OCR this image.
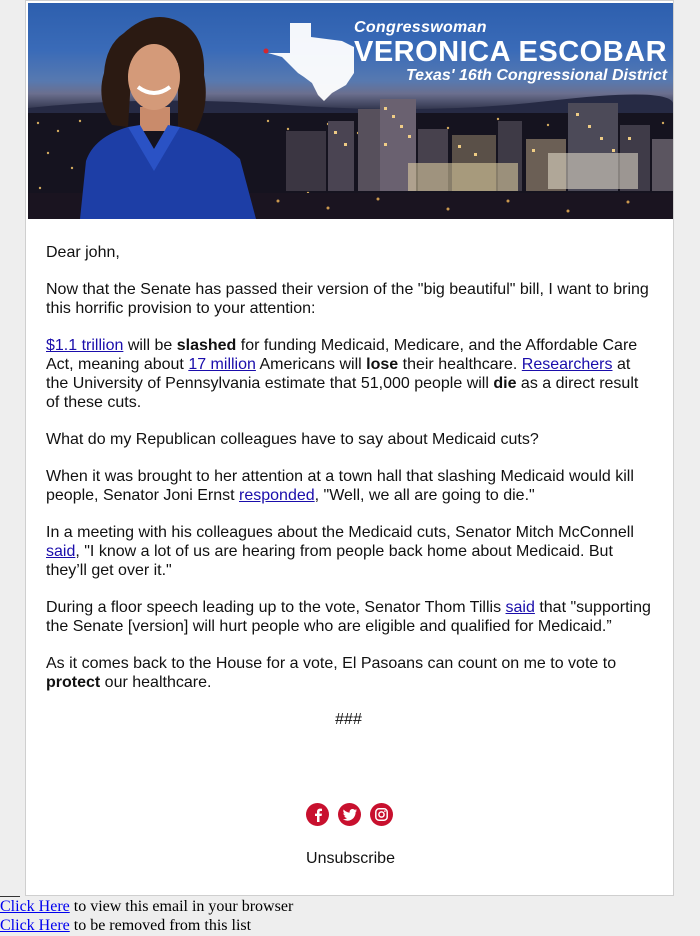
Congresswoman
VERONICA ESCOBAR
Texas' 16th Congressional District

Dear john,

Now that the Senate has passed their version of the "big beautiful" bill, I want to bring this horrific provision to your attention:

$1.1 trillion will be slashed for funding Medicaid, Medicare, and the Affordable Care Act, meaning about 17 million Americans will lose their healthcare. Researchers at the University of Pennsylvania estimate that 51,000 people will die as a direct result of these cuts.

What do my Republican colleagues have to say about Medicaid cuts?

When it was brought to her attention at a town hall that slashing Medicaid would kill people, Senator Joni Ernst responded, "Well, we all are going to die."

In a meeting with his colleagues about the Medicaid cuts, Senator Mitch McConnell said, "I know a lot of us are hearing from people back home about Medicaid. But they’ll get over it."

During a floor speech leading up to the vote, Senator Thom Tillis said that "supporting the Senate [version] will hurt people who are eligible and qualified for Medicaid.”

As it comes back to the House for a vote, El Pasoans can count on me to vote to protect our healthcare.

###

Unsubscribe
Click Here to view this email in your browser
Click Here to be removed from this list
